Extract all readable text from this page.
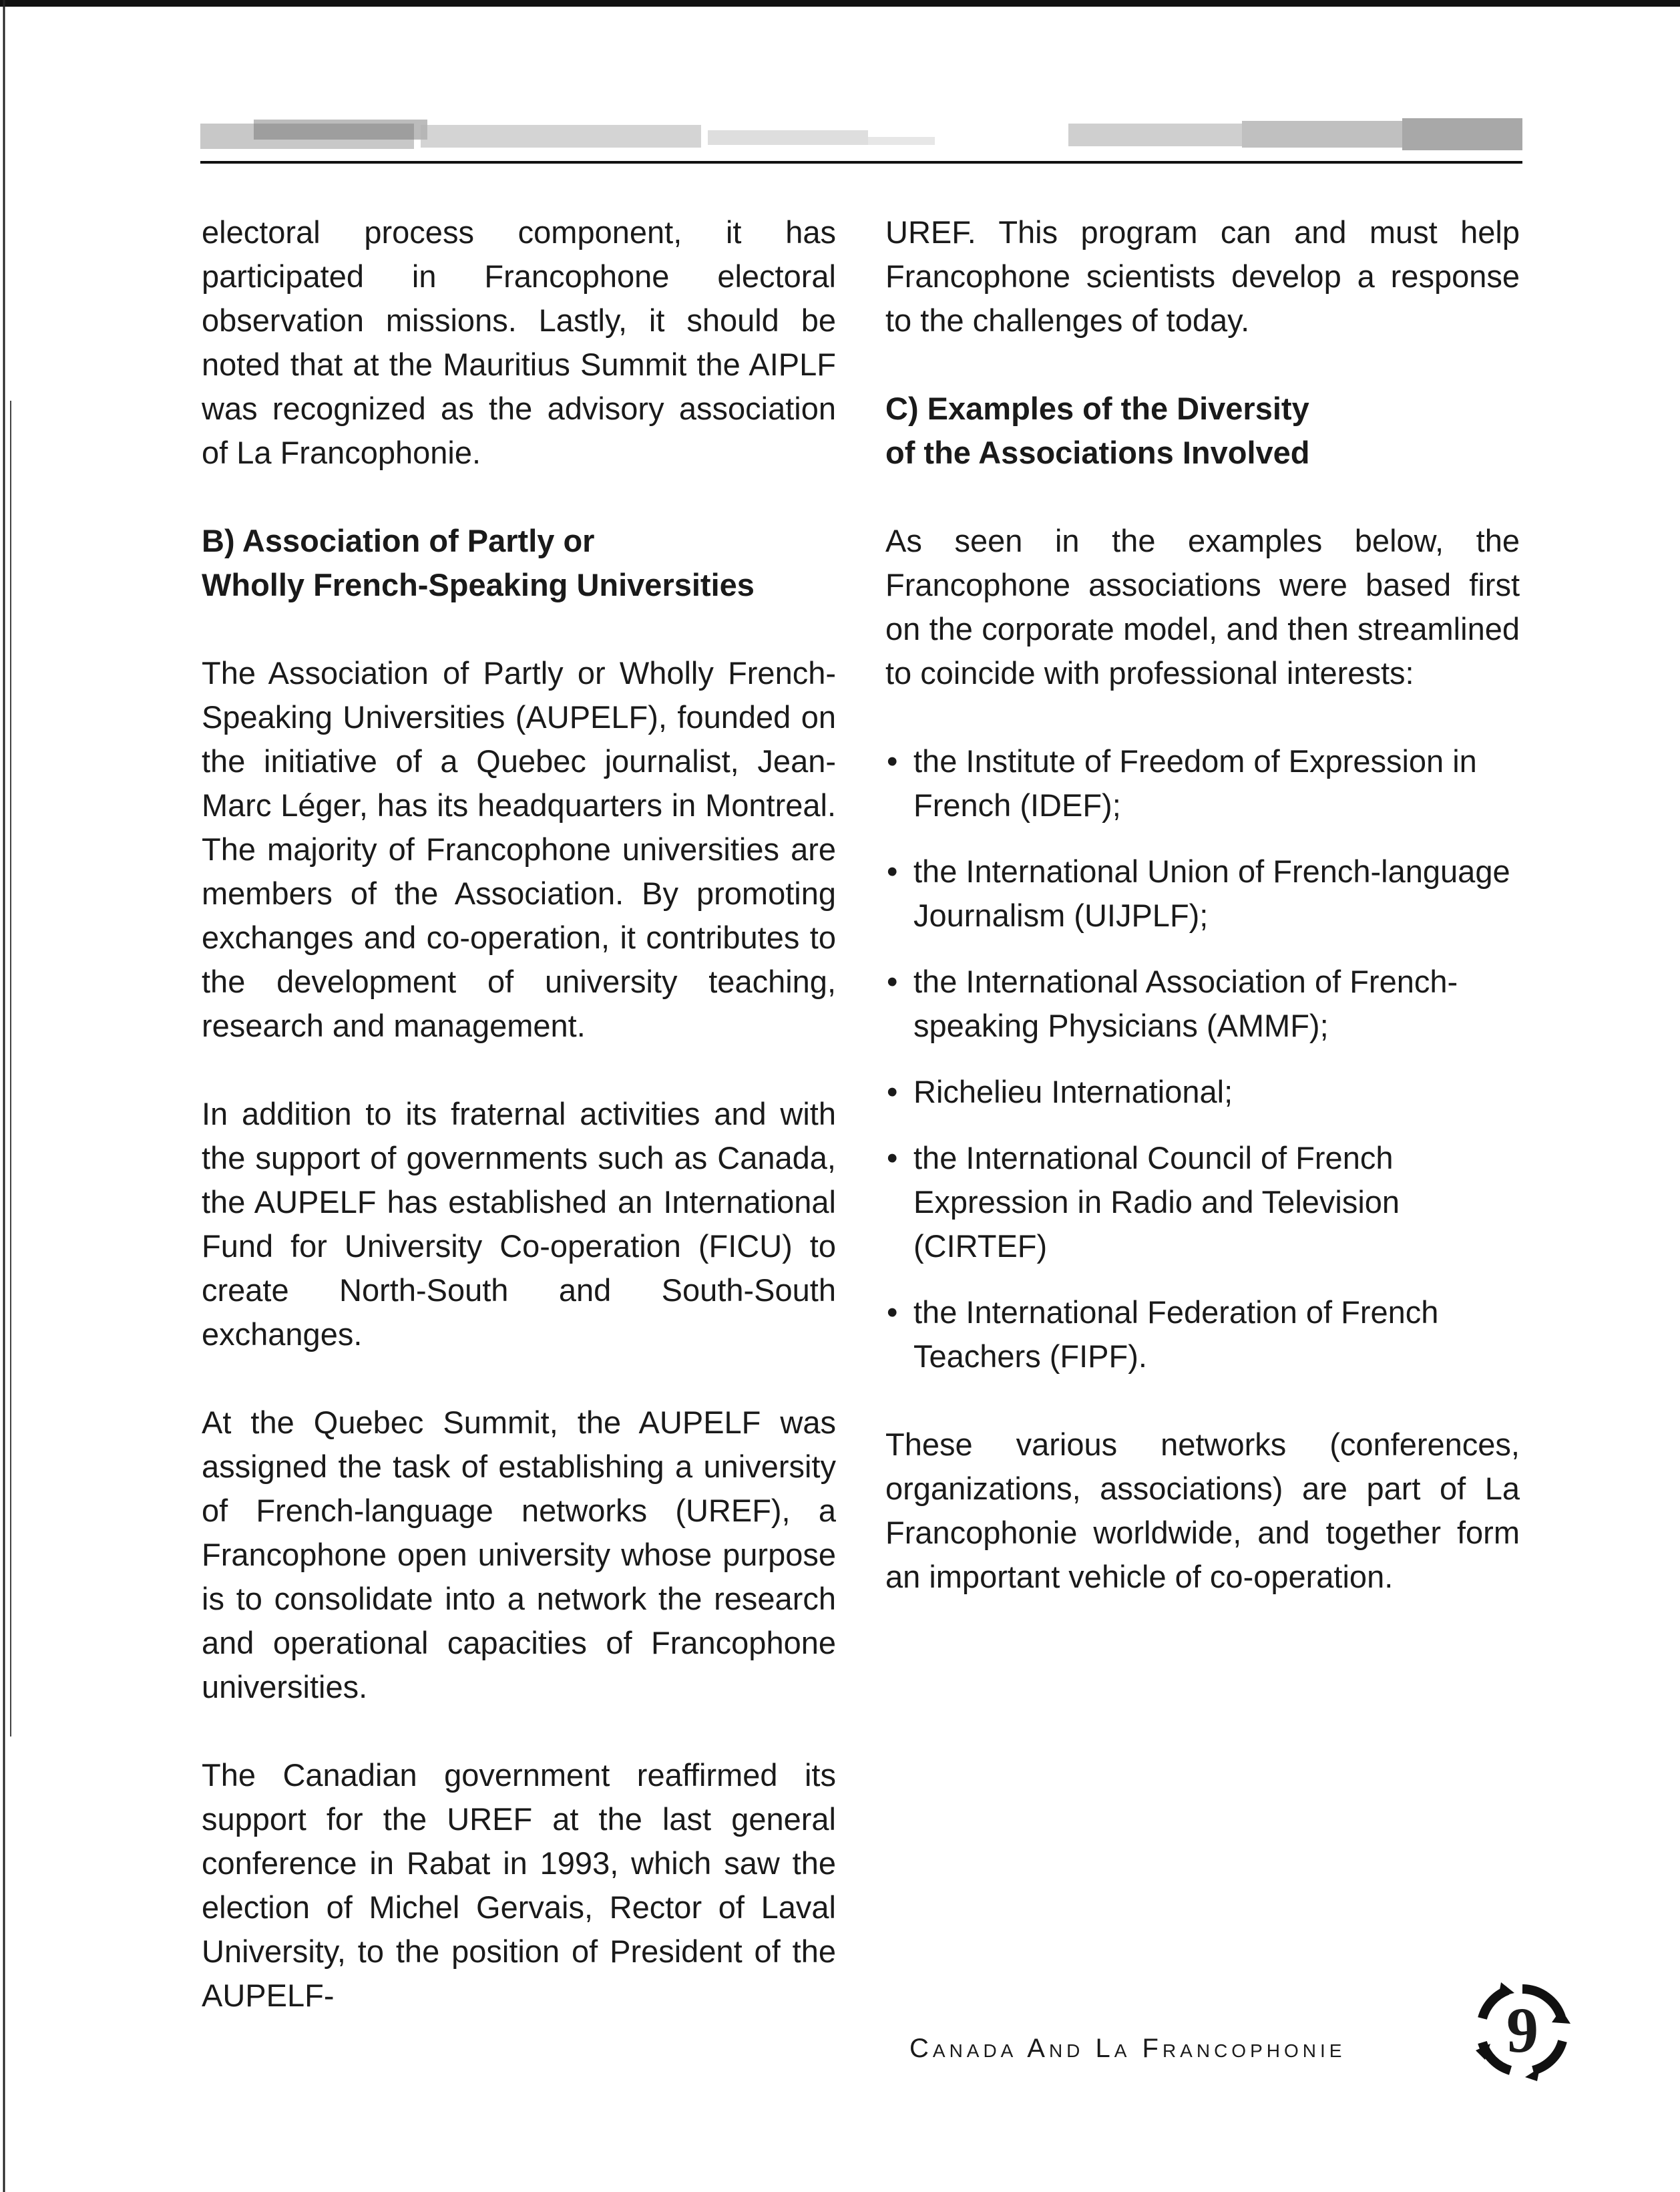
electoral process component, it has participated in Francophone electoral observation missions. Lastly, it should be noted that at the Mauritius Summit the AIPLF was recognized as the advisory association of La Francophonie.

B) Association of Partly or
Wholly French-Speaking Universities

The Association of Partly or Wholly French-Speaking Universities (AUPELF), founded on the initiative of a Quebec journalist, Jean-Marc Léger, has its headquarters in Montreal. The majority of Francophone universities are members of the Association. By promoting exchanges and co-operation, it contributes to the development of university teaching, research and management.

In addition to its fraternal activities and with the support of governments such as Canada, the AUPELF has established an International Fund for University Co-operation (FICU) to create North-South and South-South exchanges.

At the Quebec Summit, the AUPELF was assigned the task of establishing a university of French-language networks (UREF), a Francophone open university whose purpose is to consolidate into a network the research and operational capacities of Francophone universities.

The Canadian government reaffirmed its support for the UREF at the last general conference in Rabat in 1993, which saw the election of Michel Gervais, Rector of Laval University, to the position of President of the AUPELF-

UREF. This program can and must help Francophone scientists develop a response to the challenges of today.

C) Examples of the Diversity
of the Associations Involved

As seen in the examples below, the Francophone associations were based first on the corporate model, and then streamlined to coincide with professional interests:

• the Institute of Freedom of Expression in French (IDEF);
• the International Union of French-language Journalism (UIJPLF);
• the International Association of French-speaking Physicians (AMMF);
• Richelieu International;
• the International Council of French Expression in Radio and Television (CIRTEF)
• the International Federation of French Teachers (FIPF).

These various networks (conferences, organizations, associations) are part of La Francophonie worldwide, and together form an important vehicle of co-operation.

Canada And La Francophonie	9
